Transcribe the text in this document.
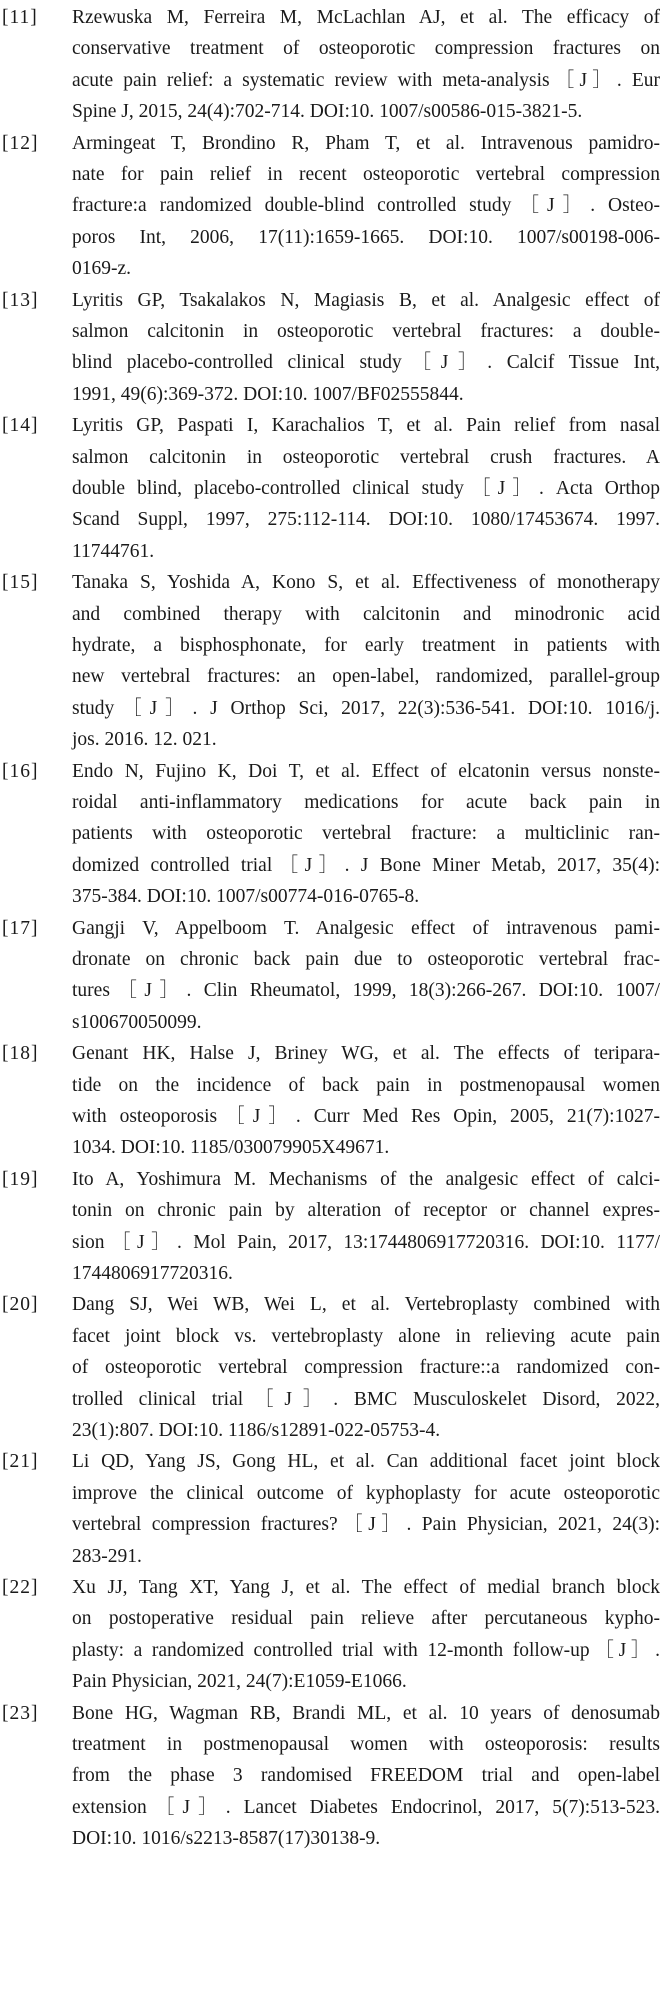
[11] Rzewuska M, Ferreira M, McLachlan AJ, et al. The efficacy of
conservative treatment of osteoporotic compression fractures on
acute pain relief: a systematic review with meta-analysis［J］. Eur
Spine J, 2015, 24(4):702-714. DOI:10. 1007/s00586-015-3821-5.
[12] Armingeat T, Brondino R, Pham T, et al. Intravenous pamidro-
nate for pain relief in recent osteoporotic vertebral compression
fracture:a randomized double-blind controlled study［J］. Osteo-
poros Int, 2006, 17(11):1659-1665. DOI:10. 1007/s00198-006-
0169-z.
[13] Lyritis GP, Tsakalakos N, Magiasis B, et al. Analgesic effect of
salmon calcitonin in osteoporotic vertebral fractures: a double-
blind placebo-controlled clinical study［J］. Calcif Tissue Int,
1991, 49(6):369-372. DOI:10. 1007/BF02555844.
[14] Lyritis GP, Paspati I, Karachalios T, et al. Pain relief from nasal
salmon calcitonin in osteoporotic vertebral crush fractures. A
double blind, placebo-controlled clinical study［J］. Acta Orthop
Scand Suppl, 1997, 275:112-114. DOI:10. 1080/17453674. 1997.
11744761.
[15] Tanaka S, Yoshida A, Kono S, et al. Effectiveness of monotherapy
and combined therapy with calcitonin and minodronic acid
hydrate, a bisphosphonate, for early treatment in patients with
new vertebral fractures: an open-label, randomized, parallel-group
study［J］. J Orthop Sci, 2017, 22(3):536-541. DOI:10. 1016/j.
jos. 2016. 12. 021.
[16] Endo N, Fujino K, Doi T, et al. Effect of elcatonin versus nonste-
roidal anti-inflammatory medications for acute back pain in
patients with osteoporotic vertebral fracture: a multiclinic ran-
domized controlled trial［J］. J Bone Miner Metab, 2017, 35(4):
375-384. DOI:10. 1007/s00774-016-0765-8.
[17] Gangji V, Appelboom T. Analgesic effect of intravenous pami-
dronate on chronic back pain due to osteoporotic vertebral frac-
tures［J］. Clin Rheumatol, 1999, 18(3):266-267. DOI:10. 1007/
s100670050099.
[18] Genant HK, Halse J, Briney WG, et al. The effects of teripara-
tide on the incidence of back pain in postmenopausal women
with osteoporosis［J］. Curr Med Res Opin, 2005, 21(7):1027-
1034. DOI:10. 1185/030079905X49671.
[19] Ito A, Yoshimura M. Mechanisms of the analgesic effect of calci-
tonin on chronic pain by alteration of receptor or channel expres-
sion［J］. Mol Pain, 2017, 13:1744806917720316. DOI:10. 1177/
1744806917720316.
[20] Dang SJ, Wei WB, Wei L, et al. Vertebroplasty combined with
facet joint block vs. vertebroplasty alone in relieving acute pain
of osteoporotic vertebral compression fracture::a randomized con-
trolled clinical trial［J］. BMC Musculoskelet Disord, 2022,
23(1):807. DOI:10. 1186/s12891-022-05753-4.
[21] Li QD, Yang JS, Gong HL, et al. Can additional facet joint block
improve the clinical outcome of kyphoplasty for acute osteoporotic
vertebral compression fractures?［J］. Pain Physician, 2021, 24(3):
283-291.
[22] Xu JJ, Tang XT, Yang J, et al. The effect of medial branch block
on postoperative residual pain relieve after percutaneous kypho-
plasty: a randomized controlled trial with 12-month follow-up［J］.
Pain Physician, 2021, 24(7):E1059-E1066.
[23] Bone HG, Wagman RB, Brandi ML, et al. 10 years of denosumab
treatment in postmenopausal women with osteoporosis: results
from the phase 3 randomised FREEDOM trial and open-label
extension［J］. Lancet Diabetes Endocrinol, 2017, 5(7):513-523.
DOI:10. 1016/s2213-8587(17)30138-9.
